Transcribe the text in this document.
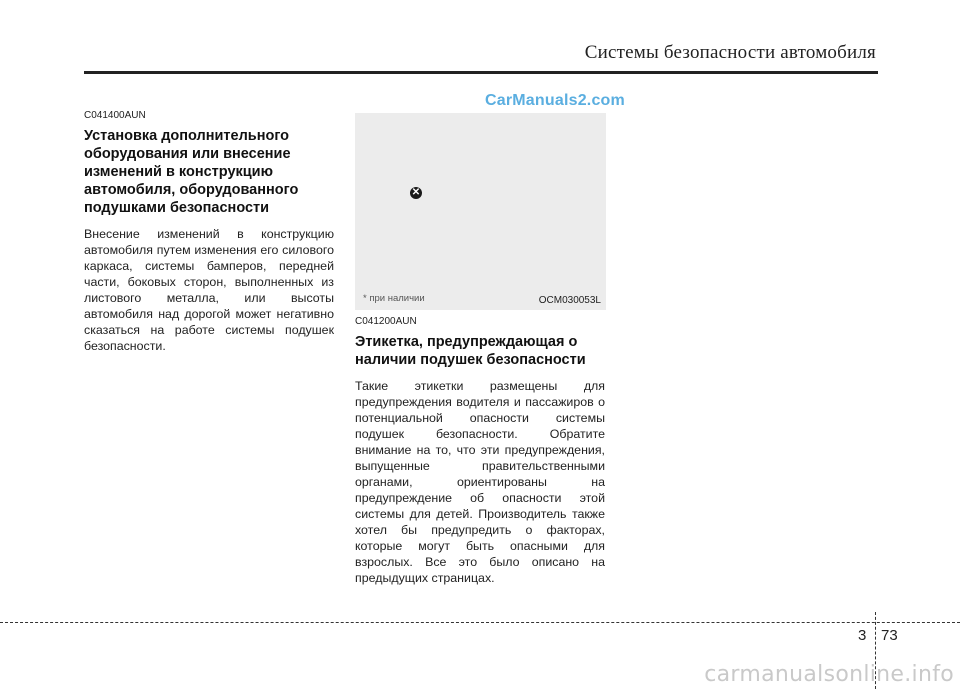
Системы безопасности автомобиля
CarManuals2.com

C041400AUN

Установка дополнительного оборудования или внесение изменений в конструкцию автомобиля, оборудованного подушками безопасности

Внесение изменений в конструкцию автомобиля путем изменения его силового каркаса, системы бамперов, передней части, боковых сторон, выполненных из листового металла, или высоты автомобиля над дорогой может негативно сказаться на работе системы подушек безопасности.

✕
* при наличии	OCM030053L

C041200AUN

Этикетка, предупреждающая о наличии подушек безопасности

Такие этикетки размещены для предупреждения водителя и пассажиров о потенциальной опасности системы подушек безопасности. Обратите внимание на то, что эти предупреждения, выпущенные правительственными органами, ориентированы на предупреждение об опасности этой системы для детей. Производитель также хотел бы предупредить о факторах, которые могут быть опасными для взрослых. Все это было описано на предыдущих страницах.

3 73
carmanualsonline.info
